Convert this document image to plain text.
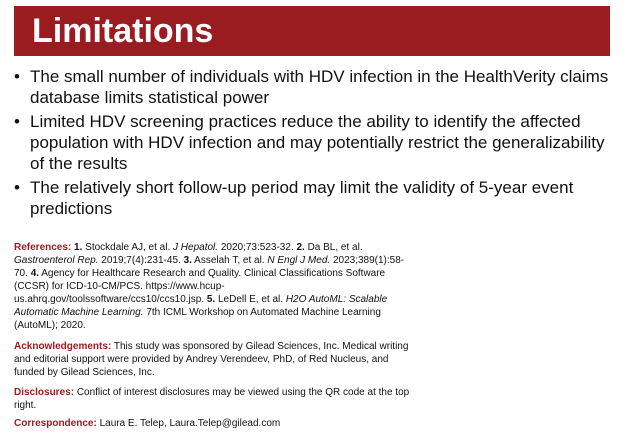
Limitations
• The small number of individuals with HDV infection in the HealthVerity claims database limits statistical power
• Limited HDV screening practices reduce the ability to identify the affected population with HDV infection and may potentially restrict the generalizability of the results
• The relatively short follow-up period may limit the validity of 5-year event predictions

References: 1. Stockdale AJ, et al. J Hepatol. 2020;73:523-32. 2. Da BL, et al. Gastroenterol Rep. 2019;7(4):231-45. 3. Asselah T, et al. N Engl J Med. 2023;389(1):58-70. 4. Agency for Healthcare Research and Quality. Clinical Classifications Software (CCSR) for ICD-10-CM/PCS. https://www.hcup-us.ahrq.gov/toolssoftware/ccs10/ccs10.jsp. 5. LeDell E, et al. H2O AutoML: Scalable Automatic Machine Learning. 7th ICML Workshop on Automated Machine Learning (AutoML); 2020.

Acknowledgements: This study was sponsored by Gilead Sciences, Inc. Medical writing and editorial support were provided by Andrey Verendeev, PhD, of Red Nucleus, and funded by Gilead Sciences, Inc.

Disclosures: Conflict of interest disclosures may be viewed using the QR code at the top right.

Correspondence: Laura E. Telep, Laura.Telep@gilead.com
